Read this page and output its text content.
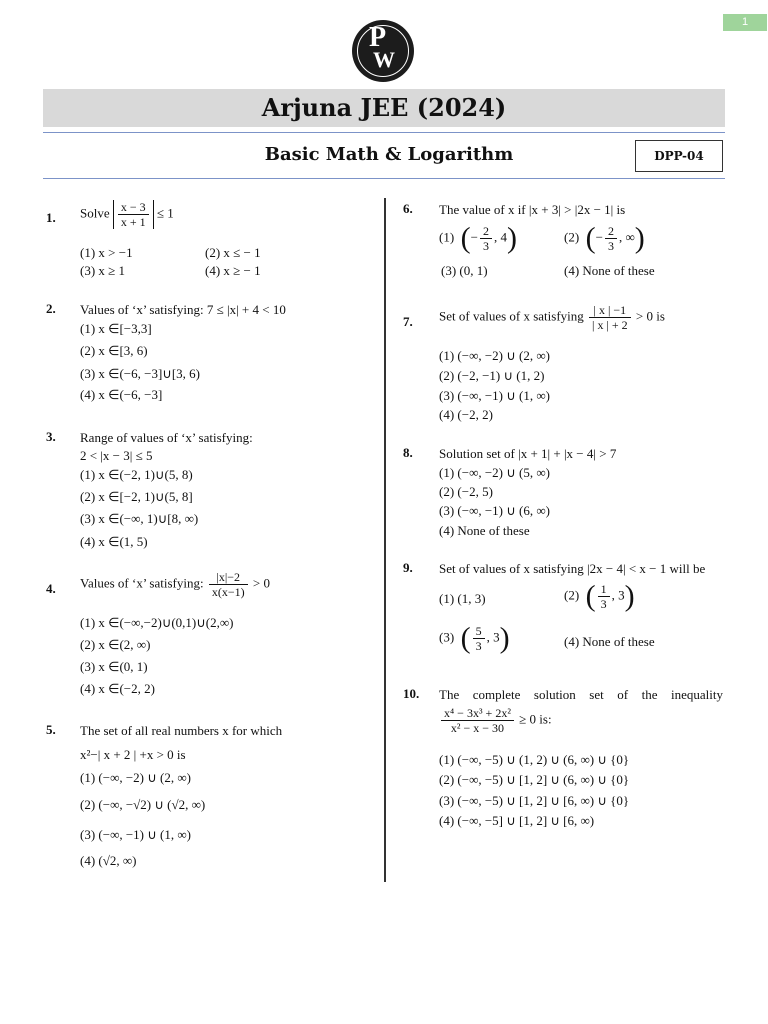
1
P
W
Arjuna JEE (2024)
Basic Math & Logarithm	DPP-04
1. Solve $\frac{x - 3}{x + 1} \le 1$
(1) x > −1	(2) x ≤ − 1
(3) x ≥ 1	(4) x ≥ − 1
2. Values of ‘x’ satisfying: 7 ≤ |x| + 4 < 10
(1) x ∈[−3,3]
(2) x ∈[3, 6)
(3) x ∈(−6, −3]∪[3, 6)
(4) x ∈(−6, −3]
3. Range of values of ‘x’ satisfying:
2 < |x − 3| ≤ 5
(1) x ∈(−2, 1)∪(5, 8)
(2) x ∈[−2, 1)∪(5, 8]
(3) x ∈(−∞, 1)∪[8, ∞)
(4) x ∈(1, 5)
4. Values of ‘x’ satisfying: $\frac{|x|-2}{x(x-1)} > 0$
(1) x ∈(−∞,−2)∪(0,1)∪(2,∞)
(2) x ∈(2, ∞)
(3) x ∈(0, 1)
(4) x ∈(−2, 2)
5. The set of all real numbers x for which
x²−| x + 2 | +x > 0 is
(1) (−∞, −2) ∪ (2, ∞)
(2) (−∞, −√2) ∪ (√2, ∞)
(3) (−∞, −1) ∪ (1, ∞)
(4) (√2, ∞)
6. The value of x if |x + 3| > |2x − 1| is
(1)  (− $\frac{2}{3}$ , 4)	(2)  (− $\frac{2}{3}$ , ∞)
(3) (0, 1)	(4) None of these
7. Set of values of x satisfying $\frac{| x | -1}{| x | + 2} > 0$ is
(1) (−∞, −2) ∪ (2, ∞)
(2) (−2, −1) ∪ (1, 2)
(3) (−∞, −1) ∪ (1, ∞)
(4) (−2, 2)
8. Solution set of |x + 1| + |x − 4| > 7
(1) (−∞, −2) ∪ (5, ∞)
(2) (−2, 5)
(3) (−∞, −1) ∪ (6, ∞)
(4) None of these
9. Set of values of x satisfying |2x − 4| < x − 1 will be
(1) (1, 3)	(2)  ( $\frac{1}{3}$ , 3)
(3)  ( $\frac{5}{3}$ , 3)	(4) None of these
10. The complete solution set of the inequality
$\frac{\text{x⁴ − 3x³ + 2x²}}{\text{x² − x − 30}} \ge 0$ is:
(1) (−∞, −5) ∪ (1, 2) ∪ (6, ∞) ∪ {0}
(2) (−∞, −5) ∪ [1, 2] ∪ (6, ∞) ∪ {0}
(3) (−∞, −5) ∪ [1, 2] ∪ [6, ∞) ∪ {0}
(4) (−∞, −5] ∪ [1, 2] ∪ [6, ∞)
